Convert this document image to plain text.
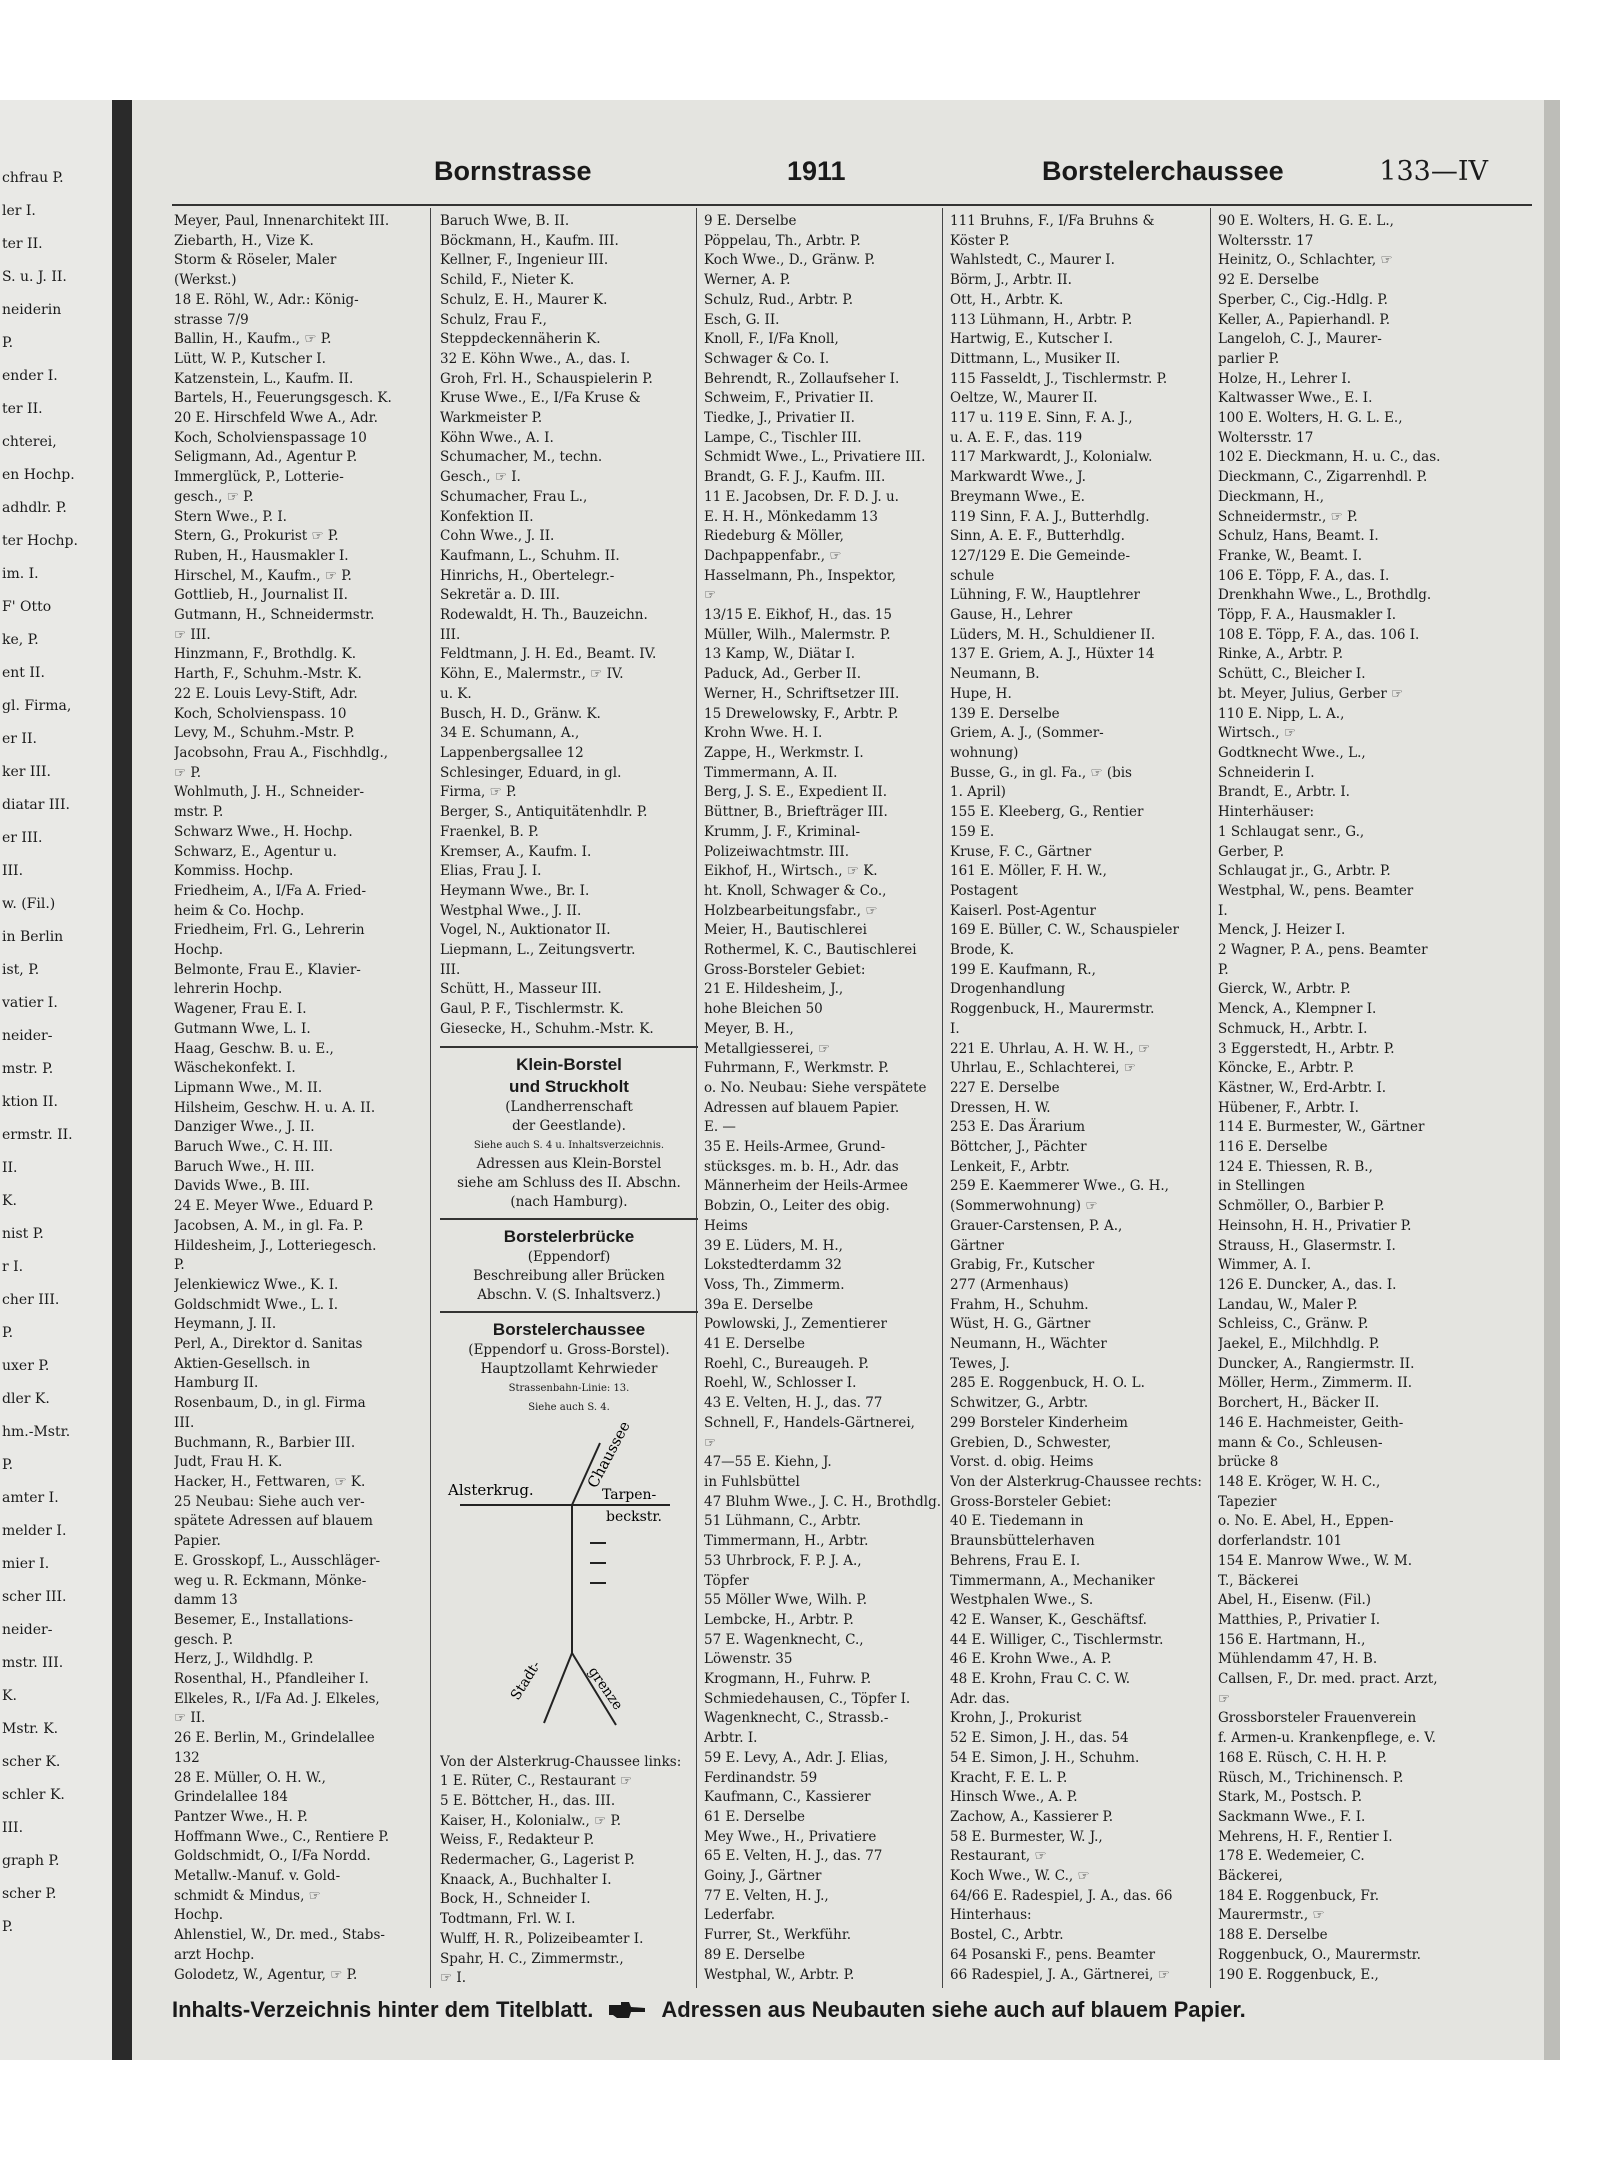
chfrau P.
ler I.
ter II.
S. u. J. II.
neiderin
P.
ender I.
ter II.
chterei,
en Hochp.
adhdlr. P.
ter Hochp.
im. I.
F' Otto
ke, P.
ent II.
gl. Firma,
er II.
ker III.
diatar III.
er III.
III.
w. (Fil.)
in Berlin
ist, P.
vatier I.
neider-
mstr. P.
ktion II.
ermstr. II.
II.
K.
nist P.
r I.
cher III.
P.
uxer P.
dler K.
hm.-Mstr.
P.
amter I.
melder I.
mier I.
scher III.
neider-
mstr. III.
K.
Mstr. K.
scher K.
schler K.
III.
graph P.
scher P.
P.
Bornstrasse	1911	Borstelerchaussee	133—IV
Meyer, Paul, Innenarchitekt III.
Ziebarth, H., Vize K.
Storm & Röseler, Maler
(Werkst.)
18 E. Röhl, W., Adr.: König-
strasse 7/9
Ballin, H., Kaufm., ☞ P.
Lütt, W. P., Kutscher I.
Katzenstein, L., Kaufm. II.
Bartels, H., Feuerungsgesch. K.
20 E. Hirschfeld Wwe A., Adr.
Koch, Scholvienspassage 10
Seligmann, Ad., Agentur P.
Immerglück, P., Lotterie-
gesch., ☞ P.
Stern Wwe., P. I.
Stern, G., Prokurist ☞ P.
Ruben, H., Hausmakler I.
Hirschel, M., Kaufm., ☞ P.
Gottlieb, H., Journalist II.
Gutmann, H., Schneidermstr.
☞ III.
Hinzmann, F., Brothdlg. K.
Harth, F., Schuhm.-Mstr. K.
22 E. Louis Levy-Stift, Adr.
Koch, Scholvienspass. 10
Levy, M., Schuhm.-Mstr. P.
Jacobsohn, Frau A., Fischhdlg.,
☞ P.
Wohlmuth, J. H., Schneider-
mstr. P.
Schwarz Wwe., H. Hochp.
Schwarz, E., Agentur u.
Kommiss. Hochp.
Friedheim, A., I/Fa A. Fried-
heim & Co. Hochp.
Friedheim, Frl. G., Lehrerin
Hochp.
Belmonte, Frau E., Klavier-
lehrerin Hochp.
Wagener, Frau E. I.
Gutmann Wwe, L. I.
Haag, Geschw. B. u. E.,
Wäschekonfekt. I.
Lipmann Wwe., M. II.
Hilsheim, Geschw. H. u. A. II.
Danziger Wwe., J. II.
Baruch Wwe., C. H. III.
Baruch Wwe., H. III.
Davids Wwe., B. III.
24 E. Meyer Wwe., Eduard P.
Jacobsen, A. M., in gl. Fa. P.
Hildesheim, J., Lotteriegesch.
P.
Jelenkiewicz Wwe., K. I.
Goldschmidt Wwe., L. I.
Heymann, J. II.
Perl, A., Direktor d. Sanitas
Aktien-Gesellsch. in
Hamburg II.
Rosenbaum, D., in gl. Firma
III.
Buchmann, R., Barbier III.
Judt, Frau H. K.
Hacker, H., Fettwaren, ☞ K.
25 Neubau: Siehe auch ver-
spätete Adressen auf blauem
Papier.
E. Grosskopf, L., Ausschläger-
weg u. R. Eckmann, Mönke-
damm 13
Besemer, E., Installations-
gesch. P.
Herz, J., Wildhdlg. P.
Rosenthal, H., Pfandleiher I.
Elkeles, R., I/Fa Ad. J. Elkeles,
☞ II.
26 E. Berlin, M., Grindelallee
132
28 E. Müller, O. H. W.,
Grindelallee 184
Pantzer Wwe., H. P.
Hoffmann Wwe., C., Rentiere P.
Goldschmidt, O., I/Fa Nordd.
Metallw.-Manuf. v. Gold-
schmidt & Mindus, ☞
Hochp.
Ahlenstiel, W., Dr. med., Stabs-
arzt Hochp.
Golodetz, W., Agentur, ☞ P.
Baruch Wwe, B. II.
Böckmann, H., Kaufm. III.
Kellner, F., Ingenieur III.
Schild, F., Nieter K.
Schulz, E. H., Maurer K.
Schulz, Frau F.,
Steppdeckennäherin K.
32 E. Köhn Wwe., A., das. I.
Groh, Frl. H., Schauspielerin P.
Kruse Wwe., E., I/Fa Kruse &
Warkmeister P.
Köhn Wwe., A. I.
Schumacher, M., techn.
Gesch., ☞ I.
Schumacher, Frau L.,
Konfektion II.
Cohn Wwe., J. II.
Kaufmann, L., Schuhm. II.
Hinrichs, H., Obertelegr.-
Sekretär a. D. III.
Rodewaldt, H. Th., Bauzeichn.
III.
Feldtmann, J. H. Ed., Beamt. IV.
Köhn, E., Malermstr., ☞ IV.
u. K.
Busch, H. D., Gränw. K.
34 E. Schumann, A.,
Lappenbergsallee 12
Schlesinger, Eduard, in gl.
Firma, ☞ P.
Berger, S., Antiquitätenhdlr. P.
Fraenkel, B. P.
Kremser, A., Kaufm. I.
Elias, Frau J. I.
Heymann Wwe., Br. I.
Westphal Wwe., J. II.
Vogel, N., Auktionator II.
Liepmann, L., Zeitungsvertr.
III.
Schütt, H., Masseur III.
Gaul, P. F., Tischlermstr. K.
Giesecke, H., Schuhm.-Mstr. K.
Klein-Borstel
und Struckholt
(Landherrenschaft
der Geestlande).
Siehe auch S. 4 u. Inhaltsverzeichnis.
Adressen aus Klein-Borstel
siehe am Schluss des II. Abschn.
(nach Hamburg).
Borstelerbrücke
(Eppendorf)
Beschreibung aller Brücken
Abschn. V. (S. Inhaltsverz.)
Borstelerchaussee
(Eppendorf u. Gross-Borstel).
Hauptzollamt Kehrwieder
Strassenbahn-Linie: 13.
Siehe auch S. 4.
Alsterkrug.	Chaussee
Tarpen-
beckstr.
Stadt-	grenze
Von der Alsterkrug-Chaussee links:
1 E. Rüter, C., Restaurant ☞
5 E. Böttcher, H., das. III.
Kaiser, H., Kolonialw., ☞ P.
Weiss, F., Redakteur P.
Redermacher, G., Lagerist P.
Knaack, A., Buchhalter I.
Bock, H., Schneider I.
Todtmann, Frl. W. I.
Wulff, H. R., Polizeibeamter I.
Spahr, H. C., Zimmermstr.,
☞ I.
9 E. Derselbe
Pöppelau, Th., Arbtr. P.
Koch Wwe., D., Gränw. P.
Werner, A. P.
Schulz, Rud., Arbtr. P.
Esch, G. II.
Knoll, F., I/Fa Knoll,
Schwager & Co. I.
Behrendt, R., Zollaufseher I.
Schweim, F., Privatier II.
Tiedke, J., Privatier II.
Lampe, C., Tischler III.
Schmidt Wwe., L., Privatiere III.
Brandt, G. F. J., Kaufm. III.
11 E. Jacobsen, Dr. F. D. J. u.
E. H. H., Mönkedamm 13
Riedeburg & Möller,
Dachpappenfabr., ☞
Hasselmann, Ph., Inspektor,
☞
13/15 E. Eikhof, H., das. 15
Müller, Wilh., Malermstr. P.
13 Kamp, W., Diätar I.
Paduck, Ad., Gerber II.
Werner, H., Schriftsetzer III.
15 Drewelowsky, F., Arbtr. P.
Krohn Wwe. H. I.
Zappe, H., Werkmstr. I.
Timmermann, A. II.
Berg, J. S. E., Expedient II.
Büttner, B., Briefträger III.
Krumm, J. F., Kriminal-
Polizeiwachtmstr. III.
Eikhof, H., Wirtsch., ☞ K.
ht. Knoll, Schwager & Co.,
Holzbearbeitungsfabr., ☞
Meier, H., Bautischlerei
Rothermel, K. C., Bautischlerei
Gross-Borsteler Gebiet:
21 E. Hildesheim, J.,
hohe Bleichen 50
Meyer, B. H.,
Metallgiesserei, ☞
Fuhrmann, F., Werkmstr. P.
o. No. Neubau: Siehe verspätete
Adressen auf blauem Papier.
E. —
35 E. Heils-Armee, Grund-
stücksges. m. b. H., Adr. das
Männerheim der Heils-Armee
Bobzin, O., Leiter des obig.
Heims
39 E. Lüders, M. H.,
Lokstedterdamm 32
Voss, Th., Zimmerm.
39a E. Derselbe
Powlowski, J., Zementierer
41 E. Derselbe
Roehl, C., Bureaugeh. P.
Roehl, W., Schlosser I.
43 E. Velten, H. J., das. 77
Schnell, F., Handels-Gärtnerei,
☞
47—55 E. Kiehn, J.
in Fuhlsbüttel
47 Bluhm Wwe., J. C. H., Brothdlg.
51 Lühmann, C., Arbtr.
Timmermann, H., Arbtr.
53 Uhrbrock, F. P. J. A.,
Töpfer
55 Möller Wwe, Wilh. P.
Lembcke, H., Arbtr. P.
57 E. Wagenknecht, C.,
Löwenstr. 35
Krogmann, H., Fuhrw. P.
Schmiedehausen, C., Töpfer I.
Wagenknecht, C., Strassb.-
Arbtr. I.
59 E. Levy, A., Adr. J. Elias,
Ferdinandstr. 59
Kaufmann, C., Kassierer
61 E. Derselbe
Mey Wwe., H., Privatiere
65 E. Velten, H. J., das. 77
Goiny, J., Gärtner
77 E. Velten, H. J.,
Lederfabr.
Furrer, St., Werkführ.
89 E. Derselbe
Westphal, W., Arbtr. P.
111 Bruhns, F., I/Fa Bruhns &
Köster P.
Wahlstedt, C., Maurer I.
Börm, J., Arbtr. II.
Ott, H., Arbtr. K.
113 Lühmann, H., Arbtr. P.
Hartwig, E., Kutscher I.
Dittmann, L., Musiker II.
115 Fasseldt, J., Tischlermstr. P.
Oeltze, W., Maurer II.
117 u. 119 E. Sinn, F. A. J.,
u. A. E. F., das. 119
117 Markwardt, J., Kolonialw.
Markwardt Wwe., J.
Breymann Wwe., E.
119 Sinn, F. A. J., Butterhdlg.
Sinn, A. E. F., Butterhdlg.
127/129 E. Die Gemeinde-
schule
Lühning, F. W., Hauptlehrer
Gause, H., Lehrer
Lüders, M. H., Schuldiener II.
137 E. Griem, A. J., Hüxter 14
Neumann, B.
Hupe, H.
139 E. Derselbe
Griem, A. J., (Sommer-
wohnung)
Busse, G., in gl. Fa., ☞ (bis
1. April)
155 E. Kleeberg, G., Rentier
159 E.
Kruse, F. C., Gärtner
161 E. Möller, F. H. W.,
Postagent
Kaiserl. Post-Agentur
169 E. Büller, C. W., Schauspieler
Brode, K.
199 E. Kaufmann, R.,
Drogenhandlung
Roggenbuck, H., Maurermstr.
I.
221 E. Uhrlau, A. H. W. H., ☞
Uhrlau, E., Schlachterei, ☞
227 E. Derselbe
Dressen, H. W.
253 E. Das Ärarium
Böttcher, J., Pächter
Lenkeit, F., Arbtr.
259 E. Kaemmerer Wwe., G. H.,
(Sommerwohnung) ☞
Grauer-Carstensen, P. A.,
Gärtner
Grabig, Fr., Kutscher
277 (Armenhaus)
Frahm, H., Schuhm.
Wüst, H. G., Gärtner
Neumann, H., Wächter
Tewes, J.
285 E. Roggenbuck, H. O. L.
Schwitzer, G., Arbtr.
299 Borsteler Kinderheim
Grebien, D., Schwester,
Vorst. d. obig. Heims
Von der Alsterkrug-Chaussee rechts:
Gross-Borsteler Gebiet:
40 E. Tiedemann in
Braunsbüttelerhaven
Behrens, Frau E. I.
Timmermann, A., Mechaniker
Westphalen Wwe., S.
42 E. Wanser, K., Geschäftsf.
44 E. Williger, C., Tischlermstr.
46 E. Krohn Wwe., A. P.
48 E. Krohn, Frau C. C. W.
Adr. das.
Krohn, J., Prokurist
52 E. Simon, J. H., das. 54
54 E. Simon, J. H., Schuhm.
Kracht, F. E. L. P.
Hinsch Wwe., A. P.
Zachow, A., Kassierer P.
58 E. Burmester, W. J.,
Restaurant, ☞
Koch Wwe., W. C., ☞
64/66 E. Radespiel, J. A., das. 66
Hinterhaus:
Bostel, C., Arbtr.
64 Posanski F., pens. Beamter
66 Radespiel, J. A., Gärtnerei, ☞
90 E. Wolters, H. G. E. L.,
Woltersstr. 17
Heinitz, O., Schlachter, ☞
92 E. Derselbe
Sperber, C., Cig.-Hdlg. P.
Keller, A., Papierhandl. P.
Langeloh, C. J., Maurer-
parlier P.
Holze, H., Lehrer I.
Kaltwasser Wwe., E. I.
100 E. Wolters, H. G. L. E.,
Woltersstr. 17
102 E. Dieckmann, H. u. C., das.
Dieckmann, C., Zigarrenhdl. P.
Dieckmann, H.,
Schneidermstr., ☞ P.
Schulz, Hans, Beamt. I.
Franke, W., Beamt. I.
106 E. Töpp, F. A., das. I.
Drenkhahn Wwe., L., Brothdlg.
Töpp, F. A., Hausmakler I.
108 E. Töpp, F. A., das. 106 I.
Rinke, A., Arbtr. P.
Schütt, C., Bleicher I.
bt. Meyer, Julius, Gerber ☞
110 E. Nipp, L. A.,
Wirtsch., ☞
Godtknecht Wwe., L.,
Schneiderin I.
Brandt, E., Arbtr. I.
Hinterhäuser:
1 Schlaugat senr., G.,
Gerber, P.
Schlaugat jr., G., Arbtr. P.
Westphal, W., pens. Beamter
I.
Menck, J. Heizer I.
2 Wagner, P. A., pens. Beamter
P.
Gierck, W., Arbtr. P.
Menck, A., Klempner I.
Schmuck, H., Arbtr. I.
3 Eggerstedt, H., Arbtr. P.
Köncke, E., Arbtr. P.
Kästner, W., Erd-Arbtr. I.
Hübener, F., Arbtr. I.
114 E. Burmester, W., Gärtner
116 E. Derselbe
124 E. Thiessen, R. B.,
in Stellingen
Schmöller, O., Barbier P.
Heinsohn, H. H., Privatier P.
Strauss, H., Glasermstr. I.
Wimmer, A. I.
126 E. Duncker, A., das. I.
Landau, W., Maler P.
Schleiss, C., Gränw. P.
Jaekel, E., Milchhdlg. P.
Duncker, A., Rangiermstr. II.
Möller, Herm., Zimmerm. II.
Borchert, H., Bäcker II.
146 E. Hachmeister, Geith-
mann & Co., Schleusen-
brücke 8
148 E. Kröger, W. H. C.,
Tapezier
o. No. E. Abel, H., Eppen-
dorferlandstr. 101
154 E. Manrow Wwe., W. M.
T., Bäckerei
Abel, H., Eisenw. (Fil.)
Matthies, P., Privatier I.
156 E. Hartmann, H.,
Mühlendamm 47, H. B.
Callsen, F., Dr. med. pract. Arzt,
☞
Grossborsteler Frauenverein
f. Armen-u. Krankenpflege, e. V.
168 E. Rüsch, C. H. H. P.
Rüsch, M., Trichinensch. P.
Stark, M., Postsch. P.
Sackmann Wwe., F. I.
Mehrens, H. F., Rentier I.
178 E. Wedemeier, C.
Bäckerei,
184 E. Roggenbuck, Fr.
Maurermstr., ☞
188 E. Derselbe
Roggenbuck, O., Maurermstr.
190 E. Roggenbuck, E.,
Inhalts-Verzeichnis hinter dem Titelblatt.	Adressen aus Neubauten siehe auch auf blauem Papier.
